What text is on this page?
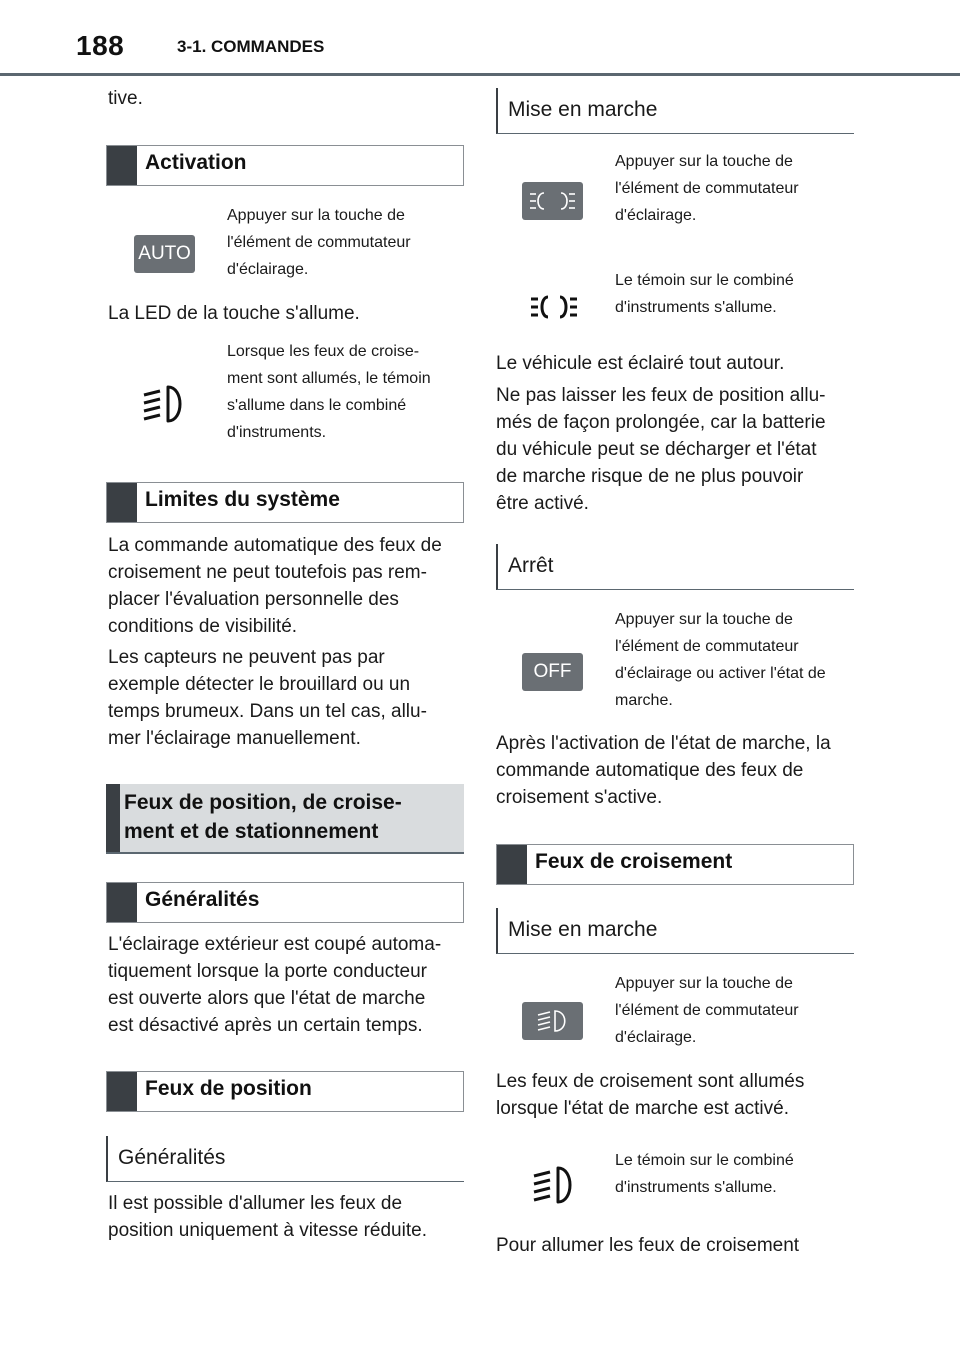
188	3-1. COMMANDES
tive.
Activation
AUTO
Appuyer sur la touche de
l'élément de commutateur
d'éclairage.
La LED de la touche s'allume.
Lorsque les feux de croise-
ment sont allumés, le témoin
s'allume dans le combiné
d'instruments.
Limites du système
La commande automatique des feux de
croisement ne peut toutefois pas rem-
placer l'évaluation personnelle des
conditions de visibilité.
Les capteurs ne peuvent pas par
exemple détecter le brouillard ou un
temps brumeux. Dans un tel cas, allu-
mer l'éclairage manuellement.
Feux de position, de croise-
ment et de stationnement
Généralités
L'éclairage extérieur est coupé automa-
tiquement lorsque la porte conducteur
est ouverte alors que l'état de marche
est désactivé après un certain temps.
Feux de position
Généralités
Il est possible d'allumer les feux de
position uniquement à vitesse réduite.
Mise en marche
Appuyer sur la touche de
l'élément de commutateur
d'éclairage.
Le témoin sur le combiné
d'instruments s'allume.
Le véhicule est éclairé tout autour.
Ne pas laisser les feux de position allu-
més de façon prolongée, car la batterie
du véhicule peut se décharger et l'état
de marche risque de ne plus pouvoir
être activé.
Arrêt
OFF
Appuyer sur la touche de
l'élément de commutateur
d'éclairage ou activer l'état de
marche.
Après l'activation de l'état de marche, la
commande automatique des feux de
croisement s'active.
Feux de croisement
Mise en marche
Appuyer sur la touche de
l'élément de commutateur
d'éclairage.
Les feux de croisement sont allumés
lorsque l'état de marche est activé.
Le témoin sur le combiné
d'instruments s'allume.
Pour allumer les feux de croisement
